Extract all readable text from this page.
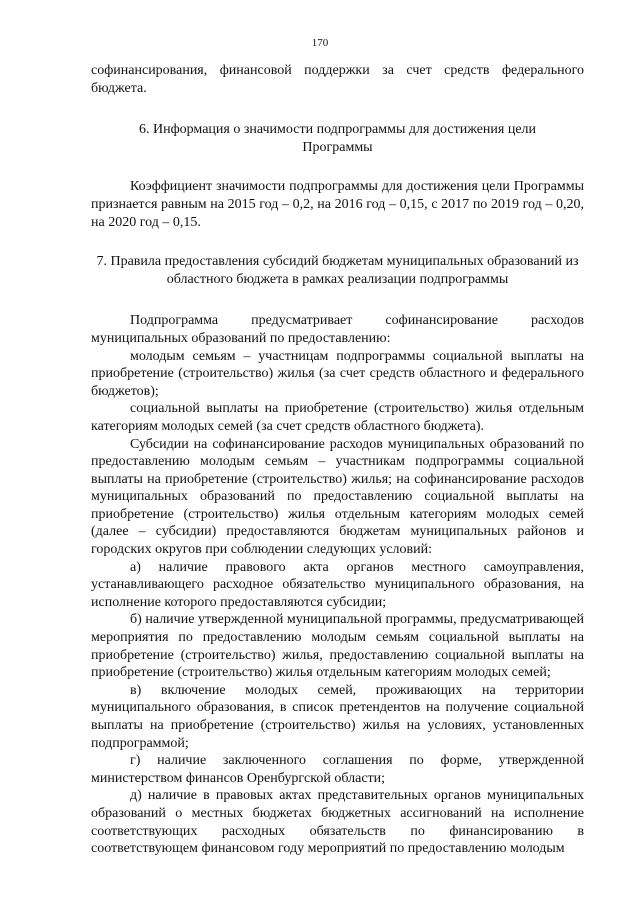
170

софинансирования, финансовой поддержки за счет средств федерального бюджета.

6. Информация о значимости подпрограммы для достижения цели Программы

Коэффициент значимости подпрограммы для достижения цели Программы признается равным на 2015 год – 0,2, на 2016 год – 0,15, с 2017 по 2019 год – 0,20, на 2020 год – 0,15.

7. Правила предоставления субсидий бюджетам муниципальных образований из областного бюджета в рамках реализации подпрограммы

Подпрограмма предусматривает софинансирование расходов муниципальных образований по предоставлению:

молодым семьям – участницам подпрограммы социальной выплаты на приобретение (строительство) жилья (за счет средств областного и федерального бюджетов);

социальной выплаты на приобретение (строительство) жилья отдельным категориям молодых семей (за счет средств областного бюджета).

Субсидии на софинансирование расходов муниципальных образований по предоставлению молодым семьям – участникам подпрограммы социальной выплаты на приобретение (строительство) жилья; на софинансирование расходов муниципальных образований по предоставлению социальной выплаты на приобретение (строительство) жилья отдельным категориям молодых семей (далее – субсидии) предоставляются бюджетам муниципальных районов и городских округов при соблюдении следующих условий:

а) наличие правового акта органов местного самоуправления, устанавливающего расходное обязательство муниципального образования, на исполнение которого предоставляются субсидии;

б) наличие утвержденной муниципальной программы, предусматривающей мероприятия по предоставлению молодым семьям социальной выплаты на приобретение (строительство) жилья, предоставлению социальной выплаты на приобретение (строительство) жилья отдельным категориям молодых семей;

в) включение молодых семей, проживающих на территории муниципального образования, в список претендентов на получение социальной выплаты на приобретение (строительство) жилья на условиях, установленных подпрограммой;

г) наличие заключенного соглашения по форме, утвержденной министерством финансов Оренбургской области;

д) наличие в правовых актах представительных органов муниципальных образований о местных бюджетах бюджетных ассигнований на исполнение соответствующих расходных обязательств по финансированию в соответствующем финансовом году мероприятий по предоставлению молодым
